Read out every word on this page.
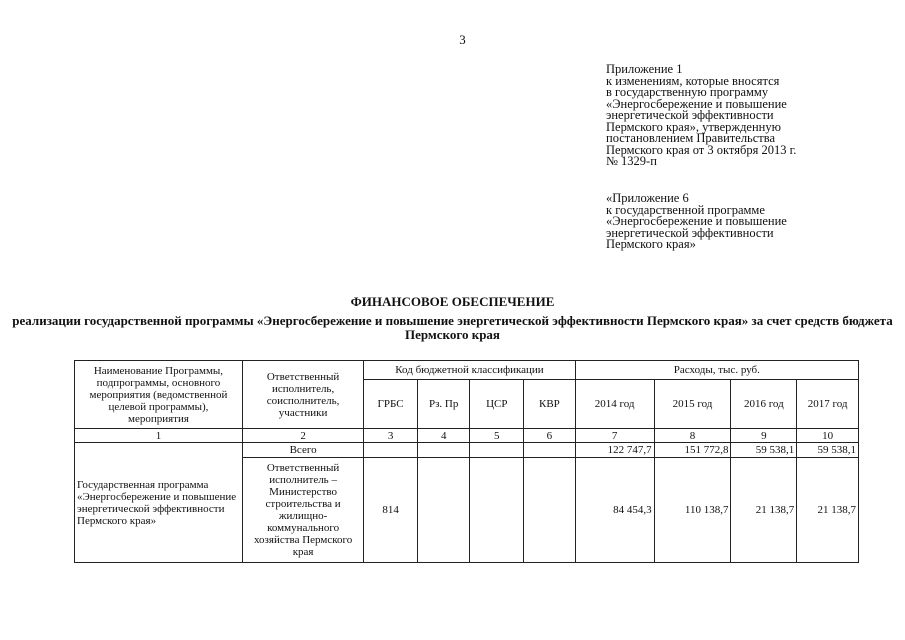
3
Приложение 1
к изменениям, которые вносятся
в государственную программу
«Энергосбережение и повышение
энергетической эффективности
Пермского края», утвержденную
постановлением Правительства
Пермского края от 3 октября 2013 г.
№ 1329-п
«Приложение 6
к государственной программе
«Энергосбережение и повышение
энергетической эффективности
Пермского края»
ФИНАНСОВОЕ ОБЕСПЕЧЕНИЕ
реализации государственной программы «Энергосбережение и повышение энергетической эффективности Пермского края» за счет средств бюджета Пермского края
Наименование Программы, подпрограммы, основного мероприятия (ведомственной целевой программы), мероприятия	Ответственный исполнитель, соисполнитель, участники	Код бюджетной классификации				Расходы, тыс. руб.			
		ГРБС	Рз. Пр	ЦСР	КВР	2014 год	2015 год	2016 год	2017 год
1	2	3	4	5	6	7	8	9	10
Государственная программа «Энергосбережение и повышение энергетической эффективности Пермского края»	Всего					122 747,7	151 772,8	59 538,1	59 538,1
	Ответственный исполнитель – Министерство строительства и жилищно-коммунального хозяйства Пермского края	814				84 454,3	110 138,7	21 138,7	21 138,7
